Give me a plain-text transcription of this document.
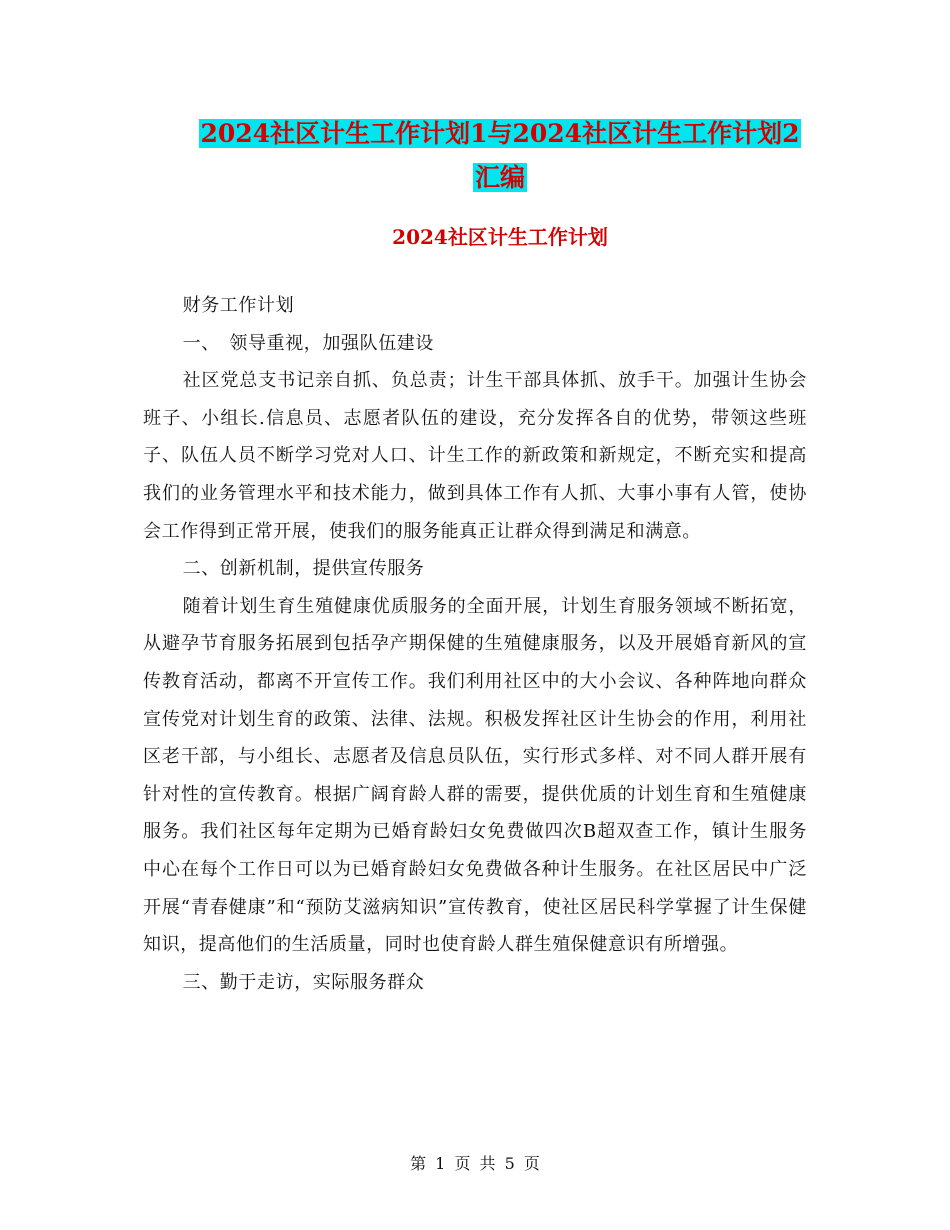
2024社区计生工作计划1与2024社区计生工作计划2
汇编
2024社区计生工作计划

财务工作计划

一、　领导重视，加强队伍建设

社区党总支书记亲自抓、负总责；计生干部具体抓、放手干。加强计生协会班子、小组长.信息员、志愿者队伍的建设，充分发挥各自的优势，带领这些班子、队伍人员不断学习党对人口、计生工作的新政策和新规定，不断充实和提高我们的业务管理水平和技术能力，做到具体工作有人抓、大事小事有人管，使协会工作得到正常开展，使我们的服务能真正让群众得到满足和满意。

二、创新机制，提供宣传服务

随着计划生育生殖健康优质服务的全面开展，计划生育服务领域不断拓宽，从避孕节育服务拓展到包括孕产期保健的生殖健康服务，以及开展婚育新风的宣传教育活动，都离不开宣传工作。我们利用社区中的大小会议、各种阵地向群众宣传党对计划生育的政策、法律、法规。积极发挥社区计生协会的作用，利用社区老干部，与小组长、志愿者及信息员队伍，实行形式多样、对不同人群开展有针对性的宣传教育。根据广阔育龄人群的需要，提供优质的计划生育和生殖健康服务。我们社区每年定期为已婚育龄妇女免费做四次B超双查工作，镇计生服务中心在每个工作日可以为已婚育龄妇女免费做各种计生服务。在社区居民中广泛开展“青春健康”和“预防艾滋病知识”宣传教育，使社区居民科学掌握了计生保健知识，提高他们的生活质量，同时也使育龄人群生殖保健意识有所增强。

三、勤于走访，实际服务群众

第 1 页 共 5 页
